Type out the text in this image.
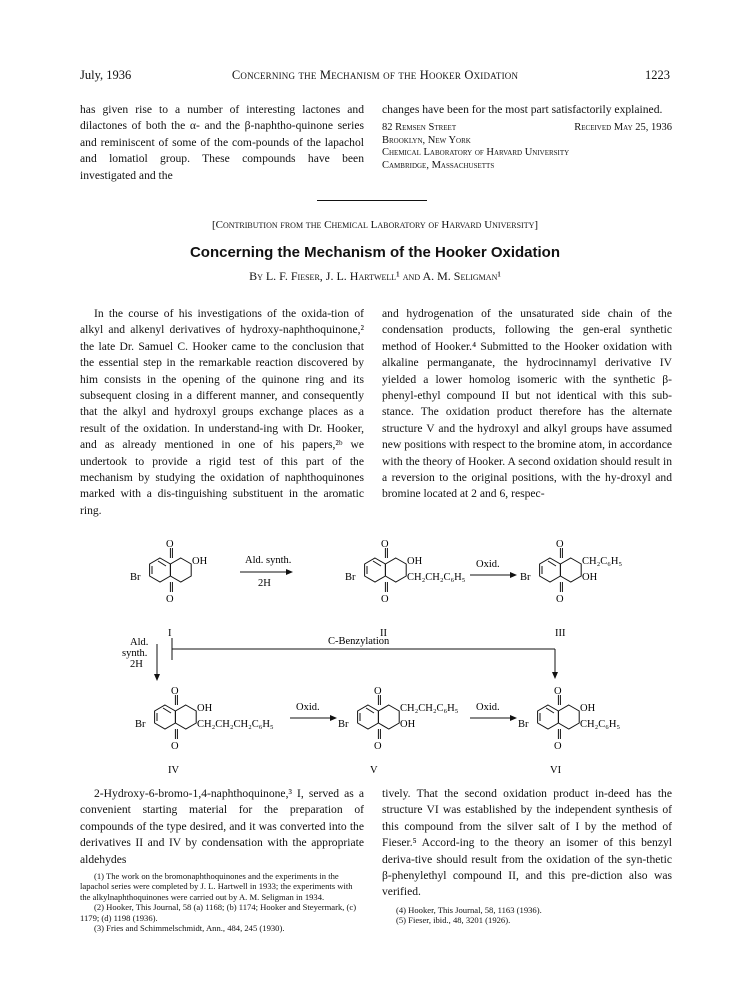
July, 1936	Concerning the Mechanism of the Hooker Oxidation	1223

has given rise to a number of interesting lactones and dilactones of both the α- and the β-naphtho-quinone series and reminiscent of some of the com-pounds of the lapachol and lomatiol group. These compounds have been investigated and the

changes have been for the most part satisfactorily explained.

82 Remsen Street	Received May 25, 1936
Brooklyn, New York
Chemical Laboratory of Harvard University
Cambridge, Massachusetts
[Contribution from the Chemical Laboratory of Harvard University]
Concerning the Mechanism of the Hooker Oxidation
By L. F. Fieser, J. L. Hartwell¹ and A. M. Seligman¹

In the course of his investigations of the oxida-tion of alkyl and alkenyl derivatives of hydroxy-naphthoquinone,² the late Dr. Samuel C. Hooker came to the conclusion that the essential step in the remarkable reaction discovered by him consists in the opening of the quinone ring and its subsequent closing in a different manner, and consequently that the alkyl and hydroxyl groups exchange places as a result of the oxidation. In understand-ing with Dr. Hooker, and as already mentioned in one of his papers,²ᵇ we undertook to provide a rigid test of this part of the mechanism by studying the oxidation of naphthoquinones marked with a dis-tinguishing substituent in the aromatic ring.

and hydrogenation of the unsaturated side chain of the condensation products, following the gen-eral synthetic method of Hooker.⁴ Submitted to the Hooker oxidation with alkaline permanganate, the hydrocinnamyl derivative IV yielded a lower homolog isomeric with the synthetic β-phenyl-ethyl compound II but not identical with this sub-stance. The oxidation product therefore has the alternate structure V and the hydroxyl and alkyl groups have assumed new positions with respect to the bromine atom, in accordance with the theory of Hooker. A second oxidation should result in a reversion to the original positions, with the hy-droxyl and bromine located at 2 and 6, respec-

O
O
OH
Br
I
Ald. synth.
2H
O
O
OH
Br	CH₂CH₂C₆H₅
II
Oxid.
O
O
CH₂C₆H₅
Br	OH
III
Ald.
synth.
2H
C-Benzylation
O
O
OH
Br	CH₂CH₂CH₂C₆H₅
IV
Oxid.
O
O
CH₂CH₂C₆H₅
Br	OH
V
Oxid.
O
O
OH
Br	CH₂C₆H₅
VI

2-Hydroxy-6-bromo-1,4-naphthoquinone,³ I, served as a convenient starting material for the preparation of compounds of the type desired, and it was converted into the derivatives II and IV by condensation with the appropriate aldehydes

(1) The work on the bromonaphthoquinones and the experiments in the lapachol series were completed by J. L. Hartwell in 1933; the experiments with the alkylnaphthoquinones were carried out by A. M. Seligman in 1934.

(2) Hooker, This Journal, 58 (a) 1168; (b) 1174; Hooker and Steyermark, (c) 1179; (d) 1198 (1936).

(3) Fries and Schimmelschmidt, Ann., 484, 245 (1930).

tively. That the second oxidation product in-deed has the structure VI was established by the independent synthesis of this compound from the silver salt of I by the method of Fieser.⁵ Accord-ing to the theory an isomer of this benzyl deriva-tive should result from the oxidation of the syn-thetic β-phenylethyl compound II, and this pre-diction also was verified.

(4) Hooker, This Journal, 58, 1163 (1936).

(5) Fieser, ibid., 48, 3201 (1926).
